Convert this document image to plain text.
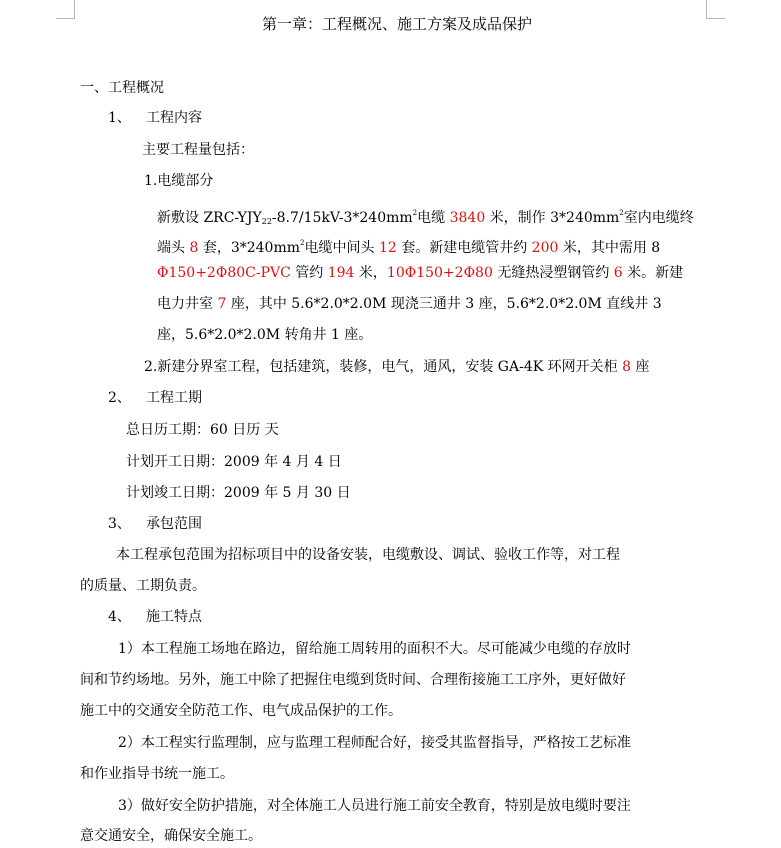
第一章：工程概况、施工方案及成品保护
一、工程概况
1、 工程内容
主要工程量包括：
1.电缆部分
新敷设 ZRC-$YJY_{22}-8.7/15kV-3*240mm^2$电缆 3840 米，制作 $3*240mm^2$室内电缆终
端头 8 套，$3*240mm^2$电缆中间头 12 套。新建电缆管井约 200 米，其中需用 8
Φ150+2Φ80C-PVC 管约 194 米，10Φ150+2Φ80 无缝热浸塑钢管约 6 米。新建
电力井室 7 座，其中 5.6*2.0*2.0M 现浇三通井 3 座，5.6*2.0*2.0M 直线井 3
座，5.6*2.0*2.0M 转角井 1 座。
2.新建分界室工程，包括建筑，装修，电气，通风，安装 GA-4K 环网开关柜 8 座
2、 工程工期
总日历工期：60 日历 天
计划开工日期：2009 年 4 月 4 日
计划竣工日期：2009 年 5 月 30 日
3、 承包范围
本工程承包范围为招标项目中的设备安装，电缆敷设、调试、验收工作等，对工程
的质量、工期负责。
4、 施工特点
1）本工程施工场地在路边，留给施工周转用的面积不大。尽可能减少电缆的存放时
间和节约场地。另外，施工中除了把握住电缆到货时间、合理衔接施工工序外，更好做好
施工中的交通安全防范工作、电气成品保护的工作。
2）本工程实行监理制，应与监理工程师配合好，接受其监督指导，严格按工艺标准
和作业指导书统一施工。
3）做好安全防护措施，对全体施工人员进行施工前安全教育，特别是放电缆时要注
意交通安全，确保安全施工。
